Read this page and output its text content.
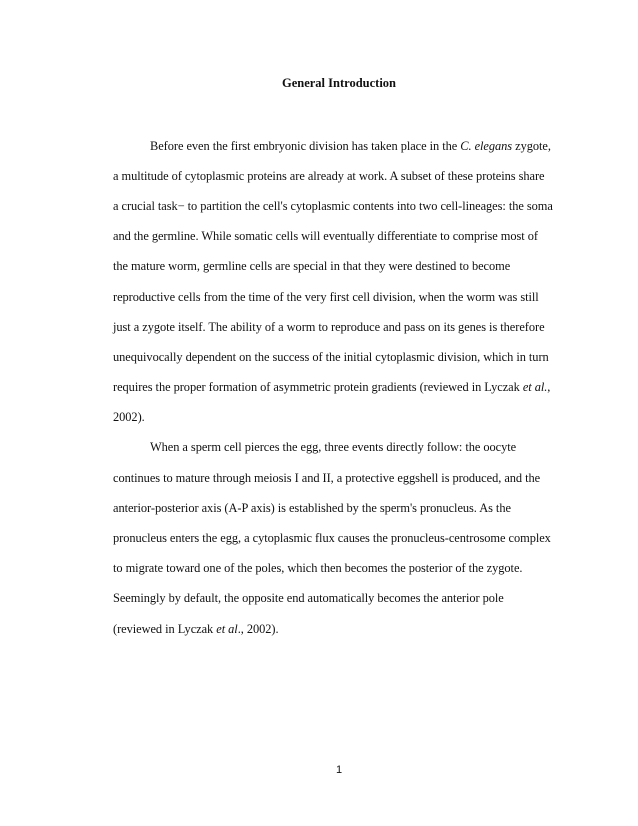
General Introduction
Before even the first embryonic division has taken place in the C. elegans zygote,
a multitude of cytoplasmic proteins are already at work. A subset of these proteins share
a crucial task− to partition the cell's cytoplasmic contents into two cell-lineages: the soma
and the germline. While somatic cells will eventually differentiate to comprise most of
the mature worm, germline cells are special in that they were destined to become
reproductive cells from the time of the very first cell division, when the worm was still
just a zygote itself. The ability of a worm to reproduce and pass on its genes is therefore
unequivocally dependent on the success of the initial cytoplasmic division, which in turn
requires the proper formation of asymmetric protein gradients (reviewed in Lyczak et al.,
2002).
When a sperm cell pierces the egg, three events directly follow: the oocyte
continues to mature through meiosis I and II, a protective eggshell is produced, and the
anterior-posterior axis (A-P axis) is established by the sperm's pronucleus. As the
pronucleus enters the egg, a cytoplasmic flux causes the pronucleus-centrosome complex
to migrate toward one of the poles, which then becomes the posterior of the zygote.
Seemingly by default, the opposite end automatically becomes the anterior pole
(reviewed in Lyczak et al., 2002).
1
